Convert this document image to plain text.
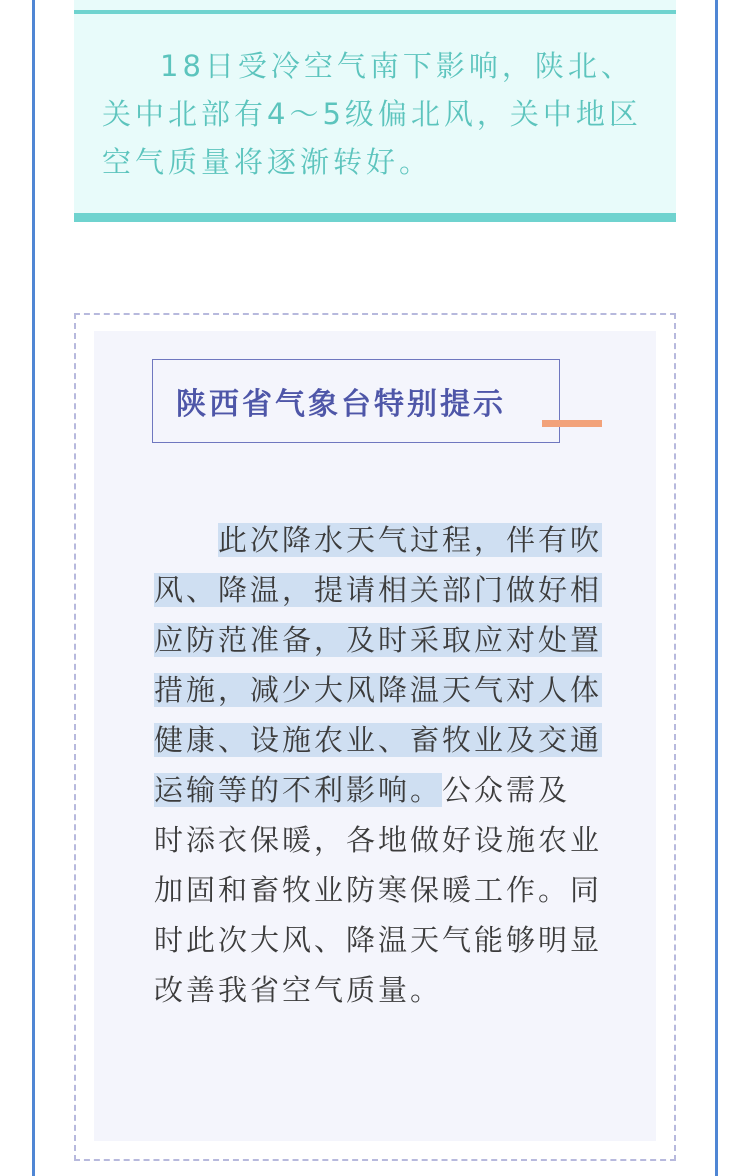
18日受冷空气南下影响，陕北、关中北部有4～5级偏北风，关中地区空气质量将逐渐转好。

陕西省气象台特别提示

此次降水天气过程，伴有吹风、降温，提请相关部门做好相应防范准备，及时采取应对处置措施，减少大风降温天气对人体健康、设施农业、畜牧业及交通运输等的不利影响。公众需及时添衣保暖，各地做好设施农业加固和畜牧业防寒保暖工作。同时此次大风、降温天气能够明显改善我省空气质量。
